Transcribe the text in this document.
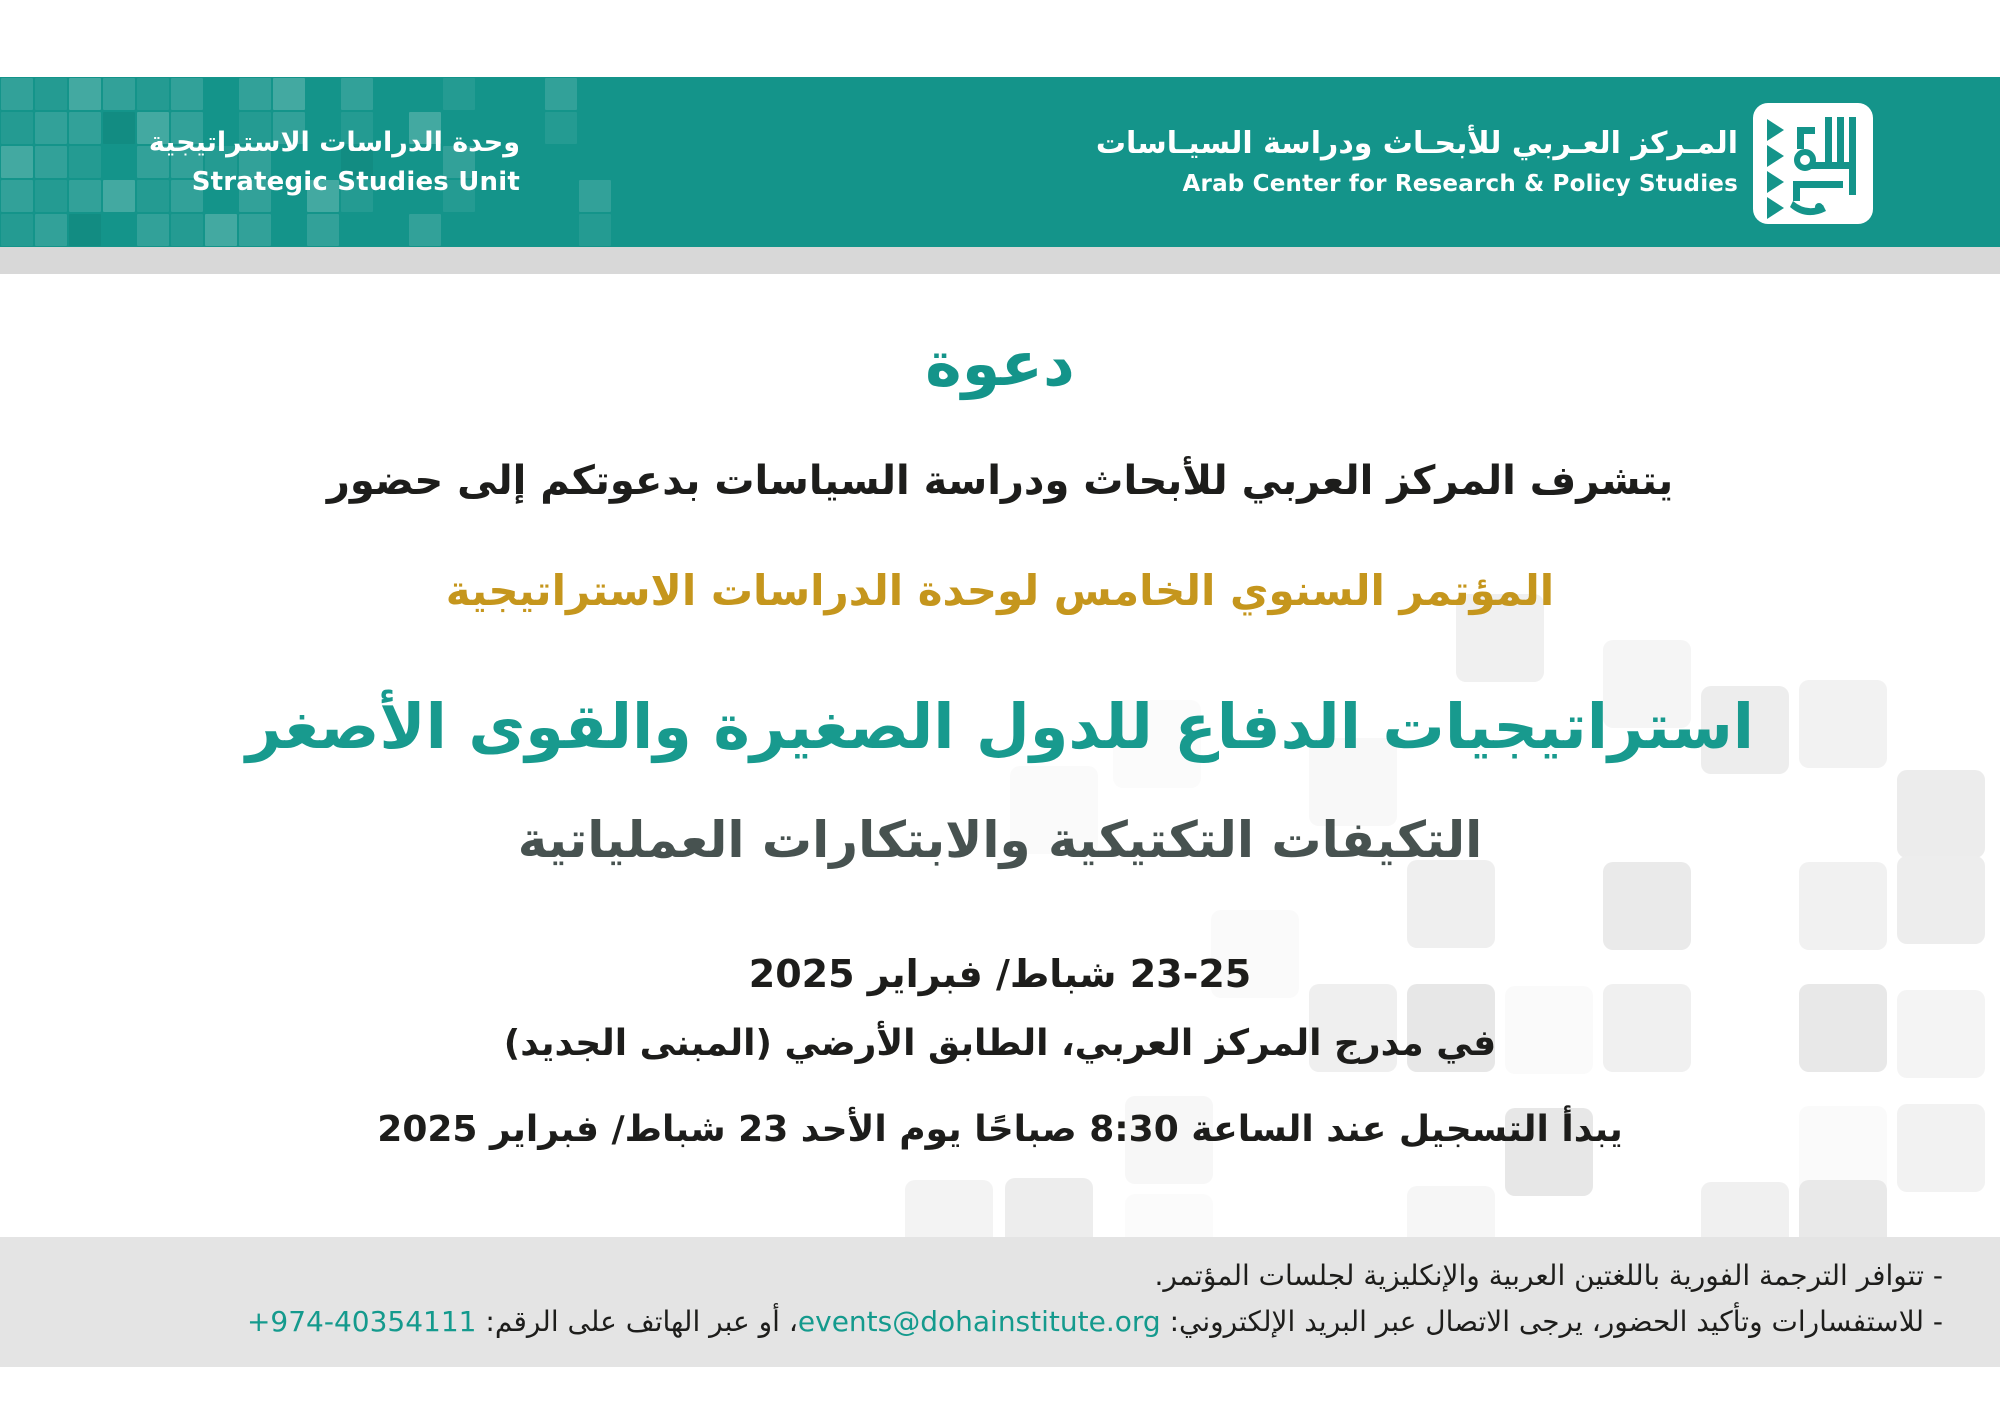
وحدة الدراسات الاستراتيجية
Strategic Studies Unit
المـركز العـربي للأبحـاث ودراسة السيـاسات
Arab Center for Research & Policy Studies
دعوة

يتشرف المركز العربي للأبحاث ودراسة السياسات بدعوتكم إلى حضور

المؤتمر السنوي الخامس لوحدة الدراسات الاستراتيجية

استراتيجيات الدفاع للدول الصغيرة والقوى الأصغر
التكيفات التكتيكية والابتكارات العملياتية

23-25 شباط/ فبراير 2025

في مدرج المركز العربي، الطابق الأرضي (المبنى الجديد)

يبدأ التسجيل عند الساعة 8:30 صباحًا يوم الأحد 23 شباط/ فبراير 2025

- تتوافر الترجمة الفورية باللغتين العربية والإنكليزية لجلسات المؤتمر.

- للاستفسارات وتأكيد الحضور، يرجى الاتصال عبر البريد الإلكتروني: events@dohainstitute.org، أو عبر الهاتف على الرقم: +974-40354111
